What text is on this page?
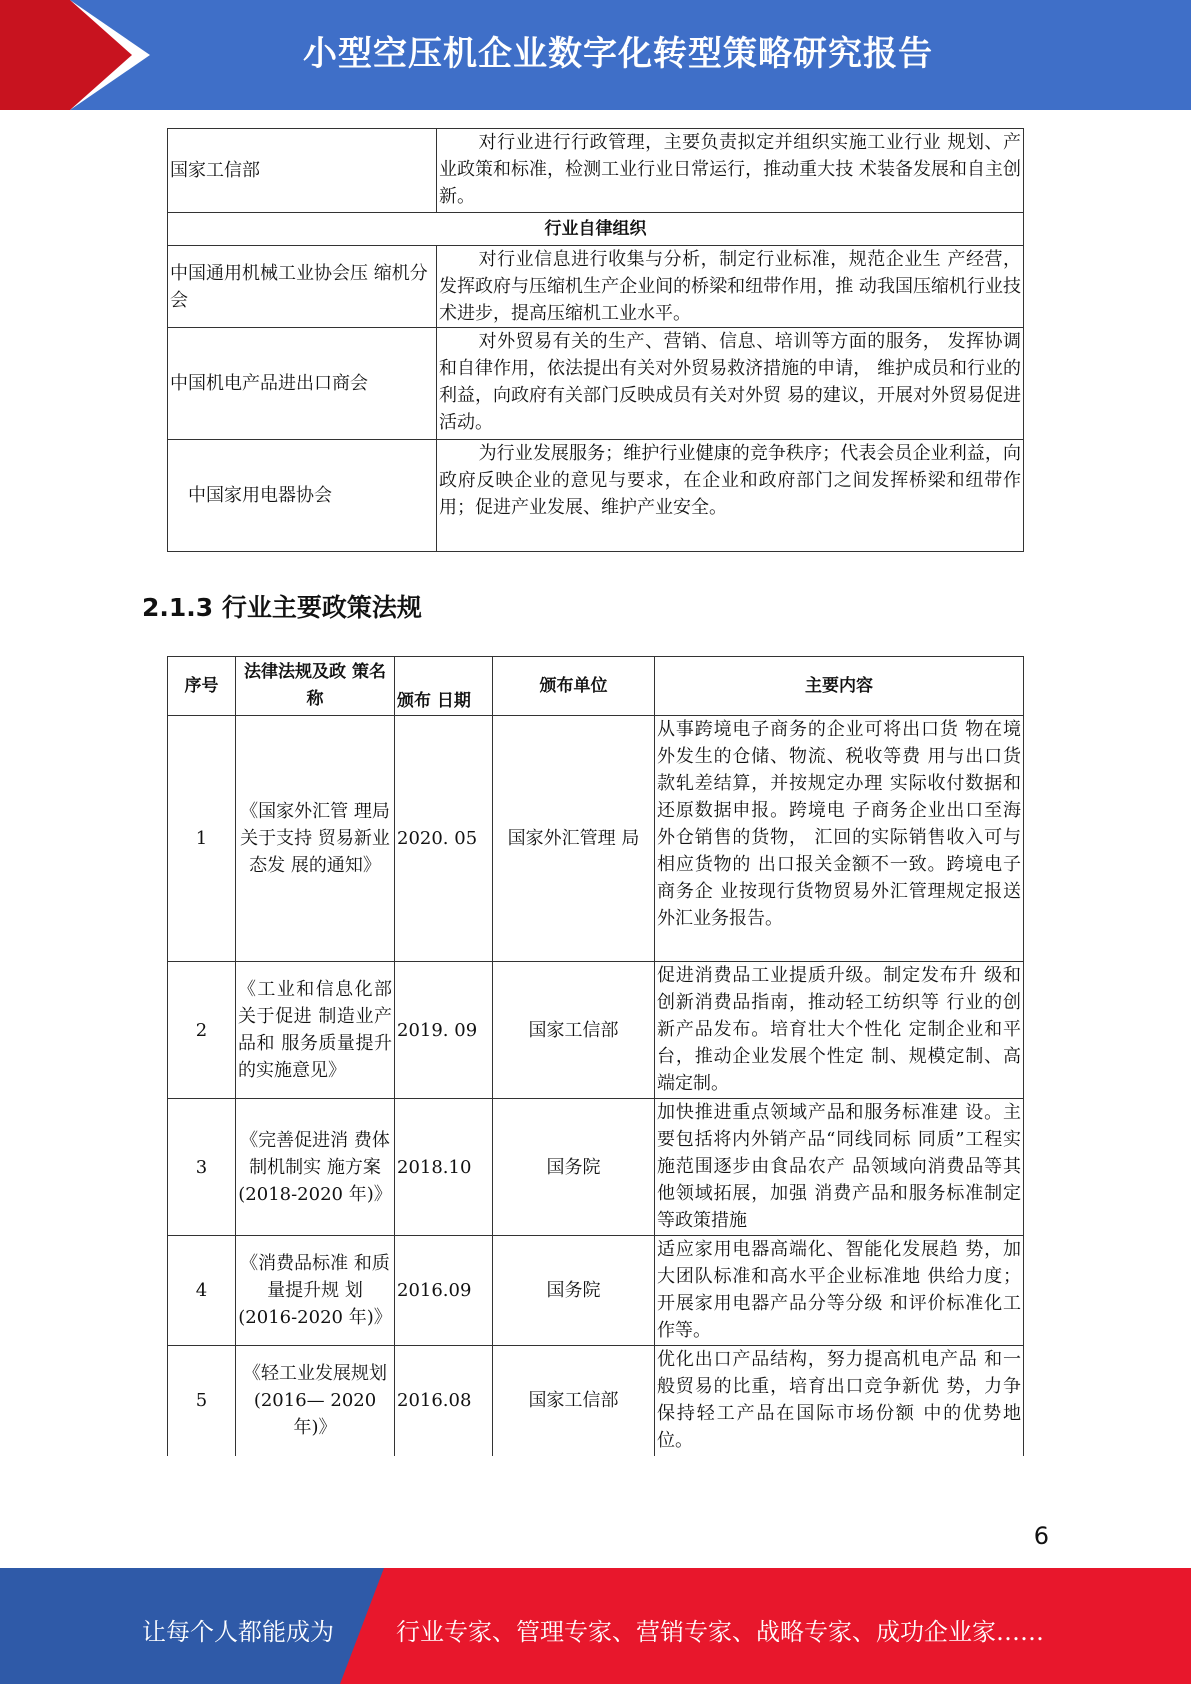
小型空压机企业数字化转型策略研究报告
国家工信部	对行业进行行政管理，主要负责拟定并组织实施工业行业 规划、产业政策和标准，检测工业行业日常运行，推动重大技 术装备发展和自主创新。
行业自律组织	
中国通用机械工业协会压 缩机分会	对行业信息进行收集与分析，制定行业标准，规范企业生 产经营，发挥政府与压缩机生产企业间的桥梁和纽带作用，推 动我国压缩机行业技术进步，提高压缩机工业水平。
中国机电产品进出口商会	对外贸易有关的生产、营销、信息、培训等方面的服务， 发挥协调和自律作用，依法提出有关对外贸易救济措施的申请， 维护成员和行业的利益，向政府有关部门反映成员有关对外贸 易的建议，开展对外贸易促进活动。
中国家用电器协会	为行业发展服务；维护行业健康的竞争秩序；代表会员企业利益，向政府反映企业的意见与要求，在企业和政府部门之间发挥桥梁和纽带作用；促进产业发展、维护产业安全。
2.1.3 行业主要政策法规
序号	法律法规及政 策名称	颁布 日期	颁布单位	主要内容
1	《国家外汇管 理局关于支持 贸易新业态发 展的通知》	2020. 05	国家外汇管理 局	从事跨境电子商务的企业可将出口货 物在境外发生的仓储、物流、税收等费 用与出口货款轧差结算，并按规定办理 实际收付数据和还原数据申报。跨境电 子商务企业出口至海外仓销售的货物， 汇回的实际销售收入可与相应货物的 出口报关金额不一致。跨境电子商务企 业按现行货物贸易外汇管理规定报送 外汇业务报告。
2	《工业和信息化部关于促进 制造业产品和 服务质量提升 的实施意见》	2019. 09	国家工信部	促进消费品工业提质升级。制定发布升 级和创新消费品指南，推动轻工纺织等 行业的创新产品发布。培育壮大个性化 定制企业和平台，推动企业发展个性定 制、规模定制、高端定制。
3	《完善促进消 费体制机制实 施方案 (2018-2020 年)》	2018.10	国务院	加快推进重点领域产品和服务标准建 设。主要包括将内外销产品“同线同标 同质”工程实施范围逐步由食品农产 品领域向消费品等其他领域拓展，加强 消费产品和服务标准制定等政策措施
4	《消费品标准 和质量提升规 划 (2016-2020 年)》	2016.09	国务院	适应家用电器高端化、智能化发展趋 势，加大团队标准和高水平企业标准地 供给力度；开展家用电器产品分等分级 和评价标准化工作等。
5	《轻工业发展规划(2016— 2020 年)》	2016.08	国家工信部	优化出口产品结构，努力提高机电产品 和一般贸易的比重，培育出口竞争新优 势，力争保持轻工产品在国际市场份额 中的优势地位。
6
让每个人都能成为	行业专家、管理专家、营销专家、战略专家、成功企业家……
